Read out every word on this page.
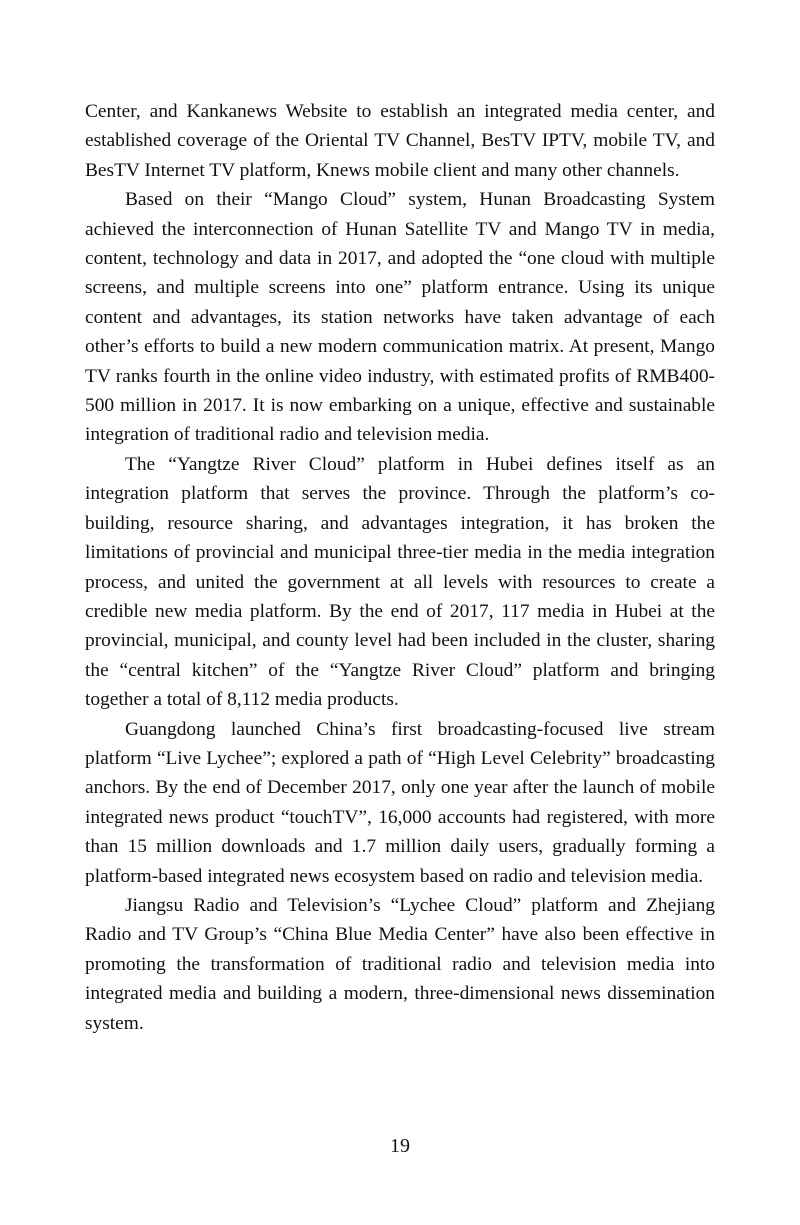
Center, and Kankanews Website to establish an integrated media center, and established coverage of the Oriental TV Channel, BesTV IPTV, mobile TV, and BesTV Internet TV platform, Knews mobile client and many other channels.

Based on their “Mango Cloud” system, Hunan Broadcasting System achieved the interconnection of Hunan Satellite TV and Mango TV in media, content, technology and data in 2017, and adopted the “one cloud with multiple screens, and multiple screens into one” platform entrance. Using its unique content and advantages, its station networks have taken advantage of each other’s efforts to build a new modern communication matrix. At present, Mango TV ranks fourth in the online video industry, with estimated profits of RMB400-500 million in 2017. It is now embarking on a unique, effective and sustainable integration of traditional radio and television media.

The “Yangtze River Cloud” platform in Hubei defines itself as an integration platform that serves the province. Through the platform’s co-building, resource sharing, and advantages integration, it has broken the limitations of provincial and municipal three-tier media in the media integration process, and united the government at all levels with resources to create a credible new media platform. By the end of 2017, 117 media in Hubei at the provincial, municipal, and county level had been included in the cluster, sharing the “central kitchen” of the “Yangtze River Cloud” platform and bringing together a total of 8,112 media products.

Guangdong launched China’s first broadcasting-focused live stream platform “Live Lychee”; explored a path of “High Level Celebrity” broadcasting anchors. By the end of December 2017, only one year after the launch of mobile integrated news product “touchTV”, 16,000 accounts had registered, with more than 15 million downloads and 1.7 million daily users, gradually forming a platform-based integrated news ecosystem based on radio and television media.

Jiangsu Radio and Television’s “Lychee Cloud” platform and Zhejiang Radio and TV Group’s “China Blue Media Center” have also been effective in promoting the transformation of traditional radio and television media into integrated media and building a modern, three-dimensional news dissemination system.

19
